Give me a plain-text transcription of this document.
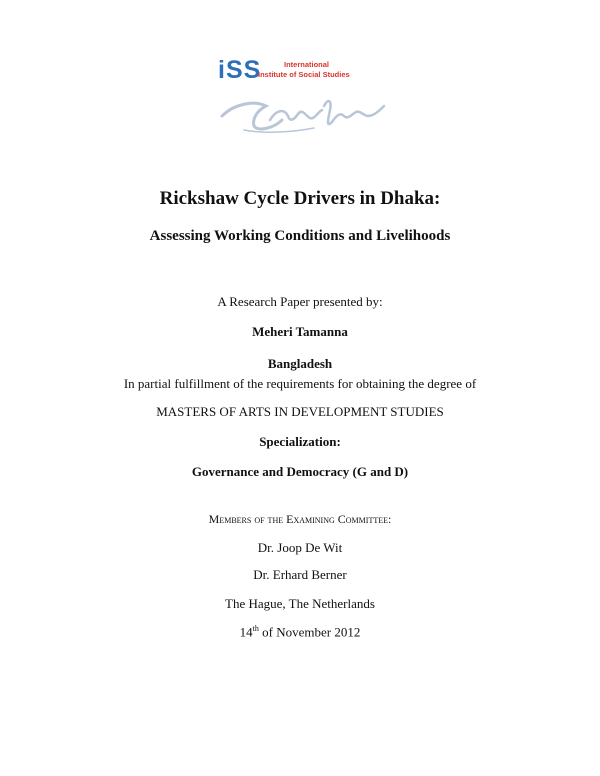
iSS	International
Institute of Social Studies
Rickshaw Cycle Drivers in Dhaka:
Assessing Working Conditions and Livelihoods
A Research Paper presented by:
Meheri Tamanna
Bangladesh
In partial fulfillment of the requirements for obtaining the degree of
MASTERS OF ARTS IN DEVELOPMENT STUDIES
Specialization:
Governance and Democracy (G and D)
Members of the Examining Committee:
Dr. Joop De Wit
Dr. Erhard Berner
The Hague, The Netherlands
14th of November 2012
